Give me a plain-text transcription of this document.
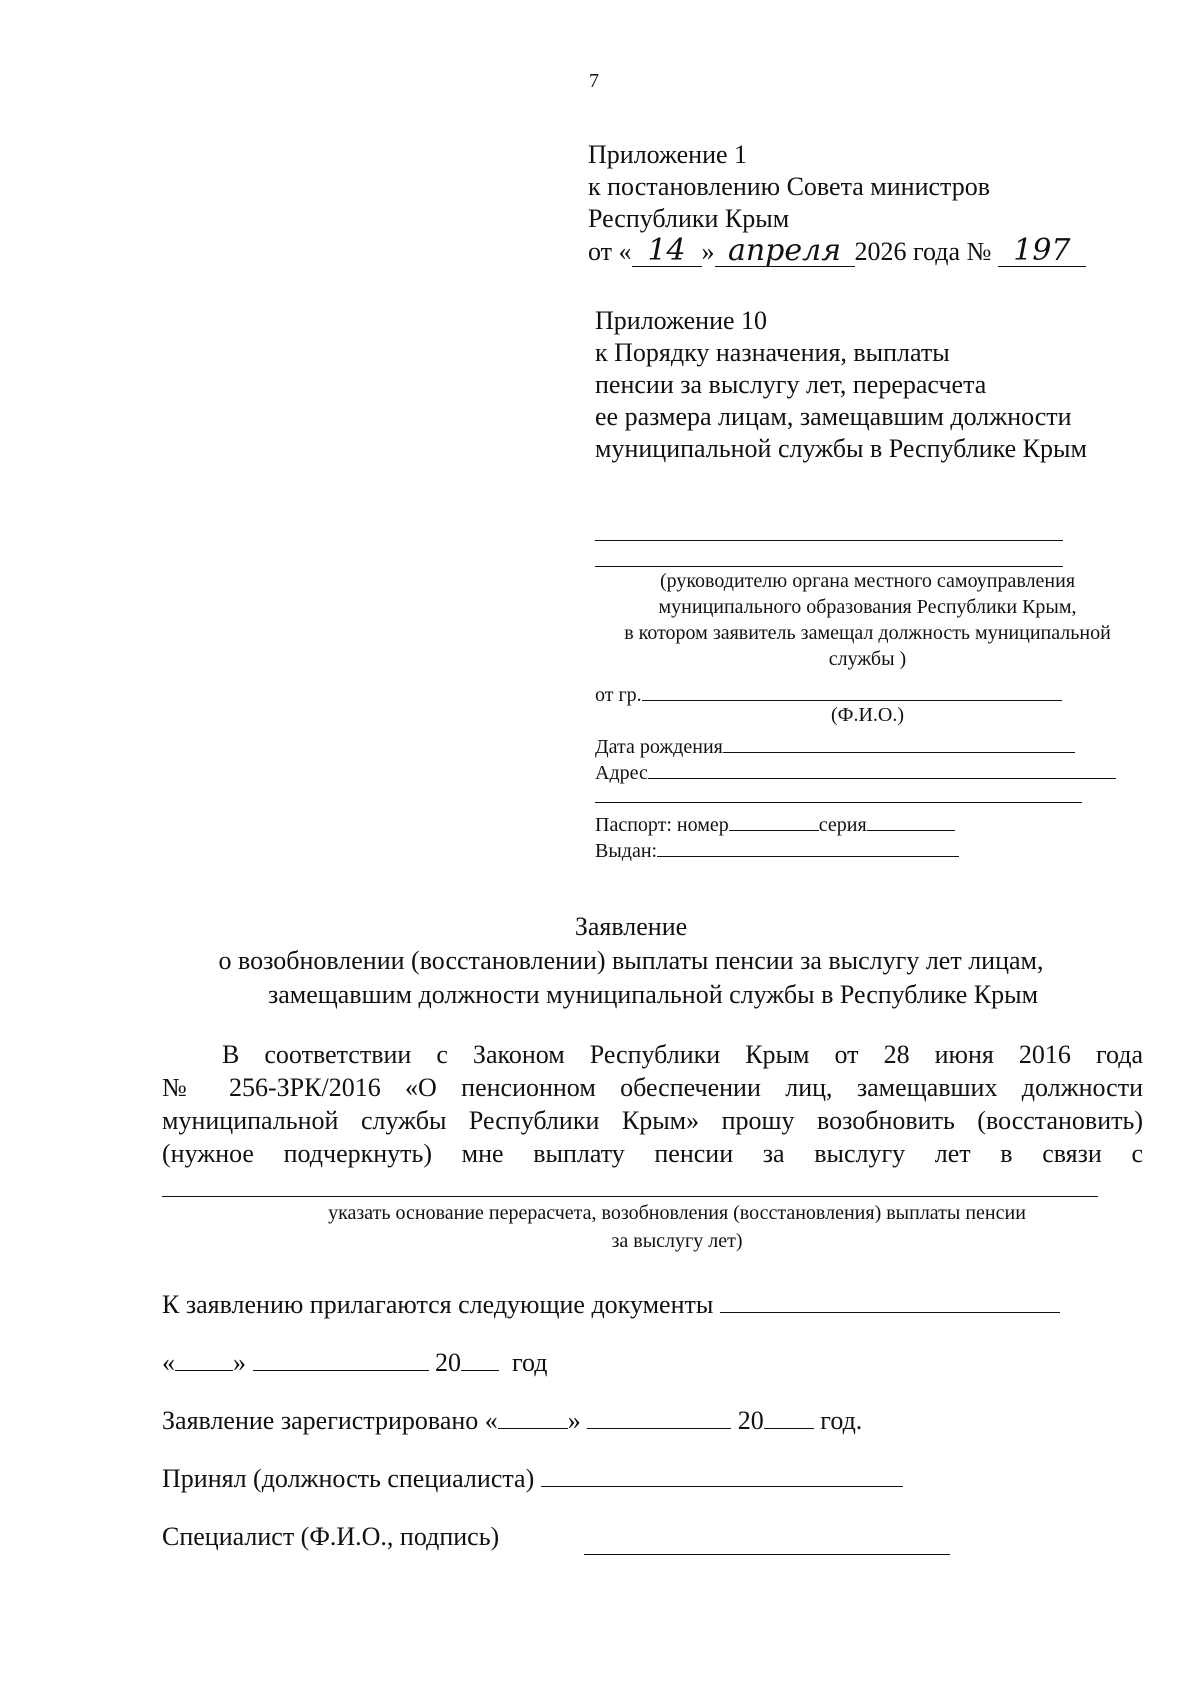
7
Приложение 1
к постановлению Совета министров
Республики Крым
от « 14 » апреля 2026 года № 197
Приложение 10
к Порядку назначения, выплаты
пенсии за выслугу лет, перерасчета
ее размера лицам, замещавшим должности
муниципальной службы в Республике Крым
(руководителю органа местного самоуправления
муниципального образования Республики Крым,
в котором заявитель замещал должность муниципальной
службы )
от гр.
(Ф.И.О.)
Дата рождения
Адрес
Паспорт: номер	серия
Выдан:
Заявление
о возобновлении (восстановлении) выплаты пенсии за выслугу лет лицам,
замещавшим должности муниципальной службы в Республике Крым
В соответствии с Законом Республики Крым от 28 июня 2016 года
№ 256-ЗРК/2016 «О пенсионном обеспечении лиц, замещавших должности
муниципальной службы Республики Крым» прошу возобновить (восстановить)
(нужное подчеркнуть) мне выплату пенсии за выслугу лет в связи с
указать основание перерасчета, возобновления (восстановления) выплаты пенсии
за выслугу лет)
К заявлению прилагаются следующие документы
« »	20 год
Заявление зарегистрировано «	»	20 год.
Принял (должность специалиста)
Специалист (Ф.И.О., подпись)
